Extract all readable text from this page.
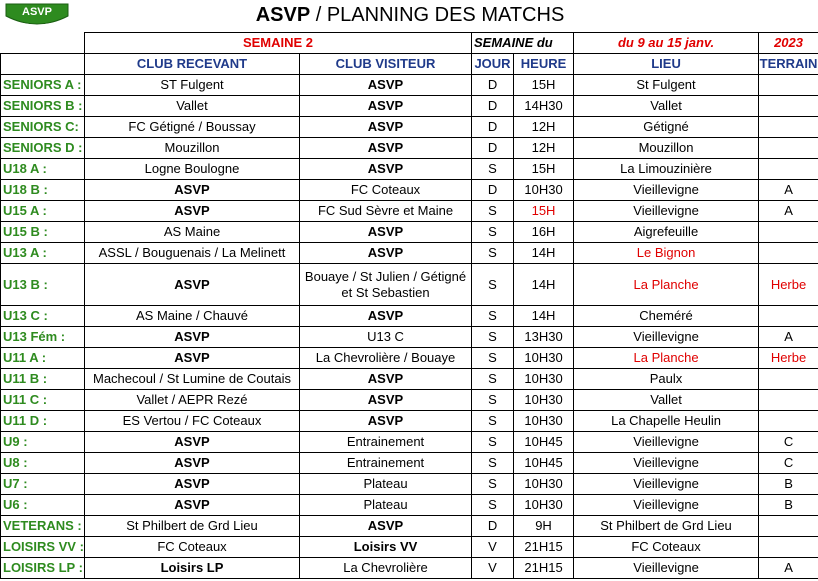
ASVP	ASVP / PLANNING DES MATCHS
	SEMAINE 2		SEMAINE du		du 9 au 15 janv.	2023
	CLUB RECEVANT	CLUB VISITEUR	JOUR	HEURE	LIEU	TERRAIN
SENIORS A :	ST Fulgent	ASVP	D	15H	St Fulgent	
SENIORS B :	Vallet	ASVP	D	14H30	Vallet	
SENIORS C:	FC Gétigné / Boussay	ASVP	D	12H	Gétigné	
SENIORS D :	Mouzillon	ASVP	D	12H	Mouzillon	
U18 A :	Logne Boulogne	ASVP	S	15H	La Limouzinière	
U18 B :	ASVP	FC Coteaux	D	10H30	Vieillevigne	A
U15 A :	ASVP	FC Sud Sèvre et Maine	S	15H	Vieillevigne	A
U15 B :	AS Maine	ASVP	S	16H	Aigrefeuille	
U13 A :	ASSL / Bouguenais / La Melinett	ASVP	S	14H	Le Bignon	
U13 B :	ASVP	Bouaye / St Julien / Gétigné et St Sebastien	S	14H	La Planche	Herbe
U13 C :	AS Maine / Chauvé	ASVP	S	14H	Cheméré	
U13 Fém :	ASVP	U13 C	S	13H30	Vieillevigne	A
U11 A :	ASVP	La Chevrolière / Bouaye	S	10H30	La Planche	Herbe
U11 B :	Machecoul / St Lumine de Coutais	ASVP	S	10H30	Paulx	
U11 C :	Vallet / AEPR Rezé	ASVP	S	10H30	Vallet	
U11 D :	ES Vertou / FC Coteaux	ASVP	S	10H30	La Chapelle Heulin	
U9 :	ASVP	Entrainement	S	10H45	Vieillevigne	C
U8 :	ASVP	Entrainement	S	10H45	Vieillevigne	C
U7 :	ASVP	Plateau	S	10H30	Vieillevigne	B
U6 :	ASVP	Plateau	S	10H30	Vieillevigne	B
VETERANS :	St Philbert de Grd Lieu	ASVP	D	9H	St Philbert de Grd Lieu	
LOISIRS VV :	FC Coteaux	Loisirs VV	V	21H15	FC Coteaux	
LOISIRS LP :	Loisirs LP	La Chevrolière	V	21H15	Vieillevigne	A
